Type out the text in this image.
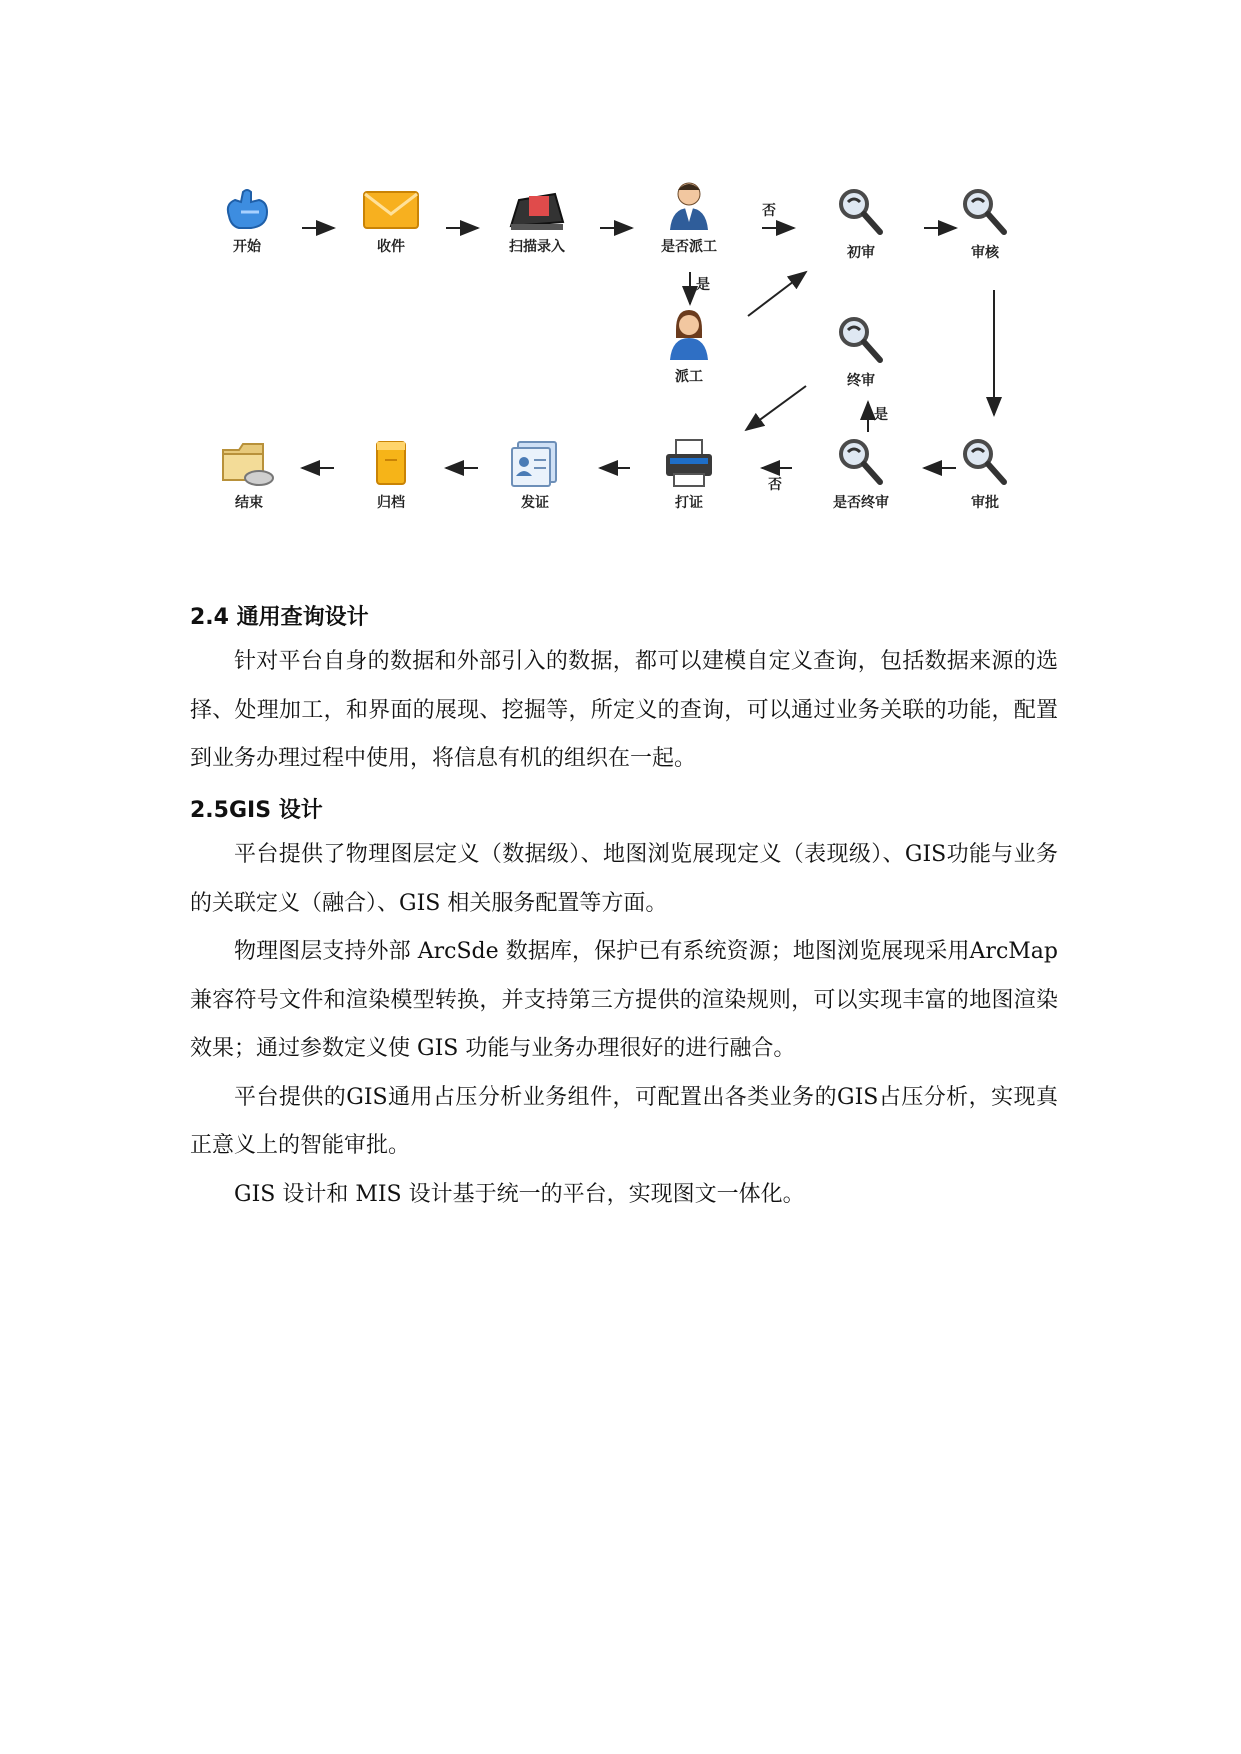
否
是
是
否
开始	收件	扫描录入	是否派工
派工
初审	审核
终审
是否终审	审批
打证
发证
归档
结束
2.4 通用查询设计

针对平台自身的数据和外部引入的数据，都可以建模自定义查询，包括数据来源的选择、处理加工，和界面的展现、挖掘等，所定义的查询，可以通过业务关联的功能，配置到业务办理过程中使用，将信息有机的组织在一起。

2.5GIS 设计

平台提供了物理图层定义（数据级）、地图浏览展现定义（表现级）、GIS功能与业务的关联定义（融合）、GIS 相关服务配置等方面。

物理图层支持外部 ArcSde 数据库，保护已有系统资源；地图浏览展现采用ArcMap 兼容符号文件和渲染模型转换，并支持第三方提供的渲染规则，可以实现丰富的地图渲染效果；通过参数定义使 GIS 功能与业务办理很好的进行融合。

平台提供的GIS通用占压分析业务组件，可配置出各类业务的GIS占压分析，实现真正意义上的智能审批。

GIS 设计和 MIS 设计基于统一的平台，实现图文一体化。
